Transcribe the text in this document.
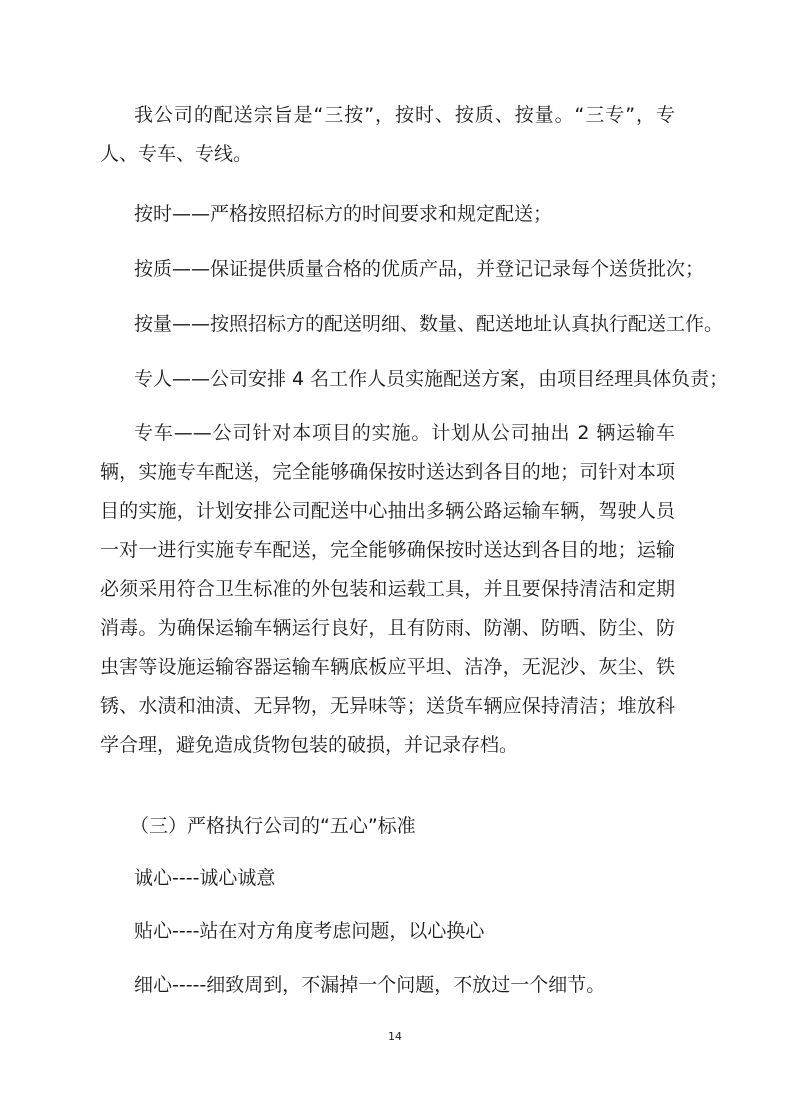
我公司的配送宗旨是“三按”，按时、按质、按量。“三专”，专人、专车、专线。

按时——严格按照招标方的时间要求和规定配送；

按质——保证提供质量合格的优质产品，并登记记录每个送货批次；

按量——按照招标方的配送明细、数量、配送地址认真执行配送工作。

专人——公司安排 4 名工作人员实施配送方案，由项目经理具体负责；

专车——公司针对本项目的实施。计划从公司抽出 2 辆运输车辆，实施专车配送，完全能够确保按时送达到各目的地；司针对本项目的实施，计划安排公司配送中心抽出多辆公路运输车辆，驾驶人员一对一进行实施专车配送，完全能够确保按时送达到各目的地；运输必须采用符合卫生标准的外包装和运载工具，并且要保持清洁和定期消毒。为确保运输车辆运行良好，且有防雨、防潮、防晒、防尘、防虫害等设施运输容器运输车辆底板应平坦、洁净，无泥沙、灰尘、铁锈、水渍和油渍、无异物，无异味等；送货车辆应保持清洁；堆放科学合理，避免造成货物包装的破损，并记录存档。

（三）严格执行公司的“五心”标准

诚心----诚心诚意

贴心----站在对方角度考虑问题，以心换心

细心-----细致周到，不漏掉一个问题，不放过一个细节。

14
